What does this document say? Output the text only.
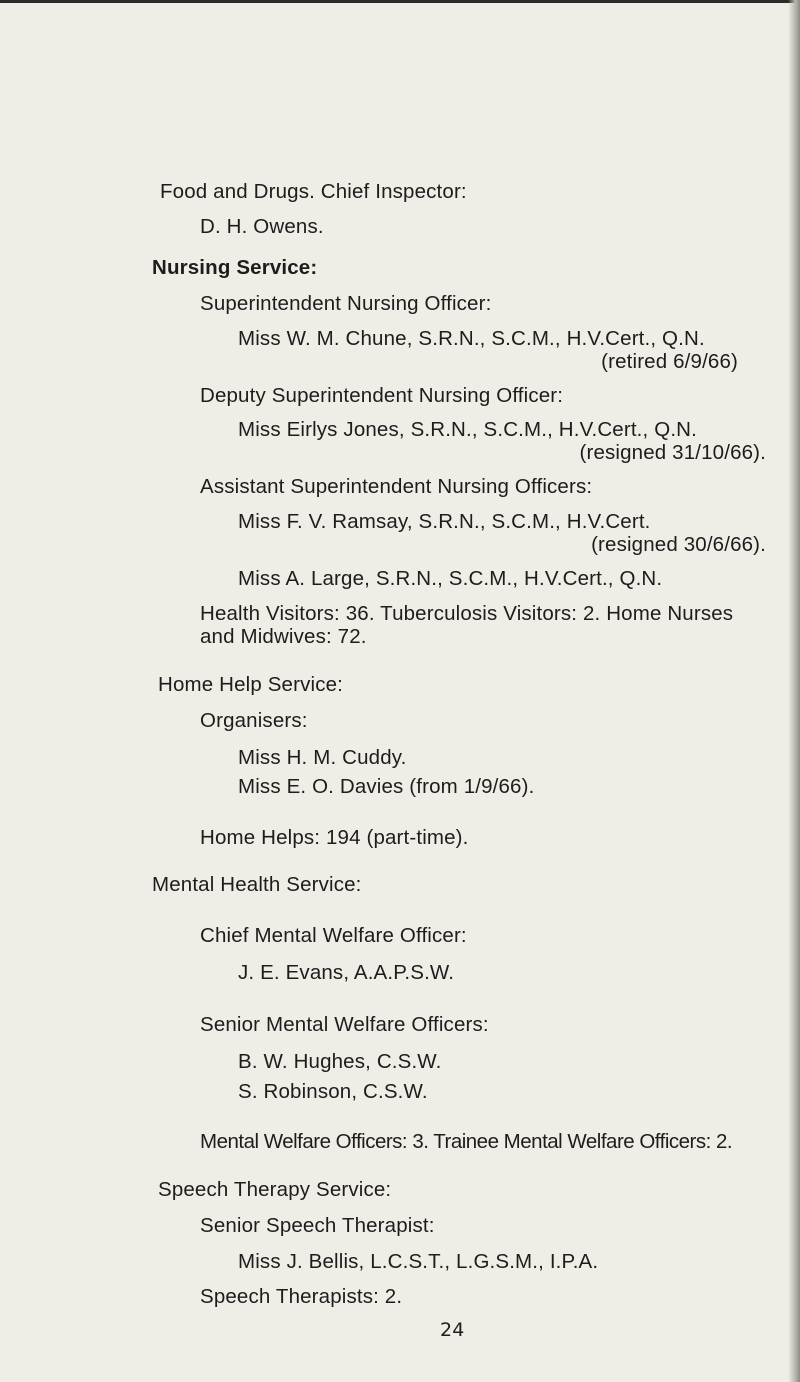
Food and Drugs. Chief Inspector:
D. H. Owens.
Nursing Service:
Superintendent Nursing Officer:
Miss W. M. Chune, S.R.N., S.C.M., H.V.Cert., Q.N.
(retired 6/9/66)
Deputy Superintendent Nursing Officer:
Miss Eirlys Jones, S.R.N., S.C.M., H.V.Cert., Q.N.
(resigned 31/10/66).
Assistant Superintendent Nursing Officers:
Miss F. V. Ramsay, S.R.N., S.C.M., H.V.Cert.
(resigned 30/6/66).
Miss A. Large, S.R.N., S.C.M., H.V.Cert., Q.N.
Health Visitors: 36. Tuberculosis Visitors: 2. Home Nurses
and Midwives: 72.
Home Help Service:
Organisers:
Miss H. M. Cuddy.
Miss E. O. Davies (from 1/9/66).
Home Helps: 194 (part-time).
Mental Health Service:
Chief Mental Welfare Officer:
J. E. Evans, A.A.P.S.W.
Senior Mental Welfare Officers:
B. W. Hughes, C.S.W.
S. Robinson, C.S.W.
Mental Welfare Officers: 3. Trainee Mental Welfare Officers: 2.
Speech Therapy Service:
Senior Speech Therapist:
Miss J. Bellis, L.C.S.T., L.G.S.M., I.P.A.
Speech Therapists: 2.
24
